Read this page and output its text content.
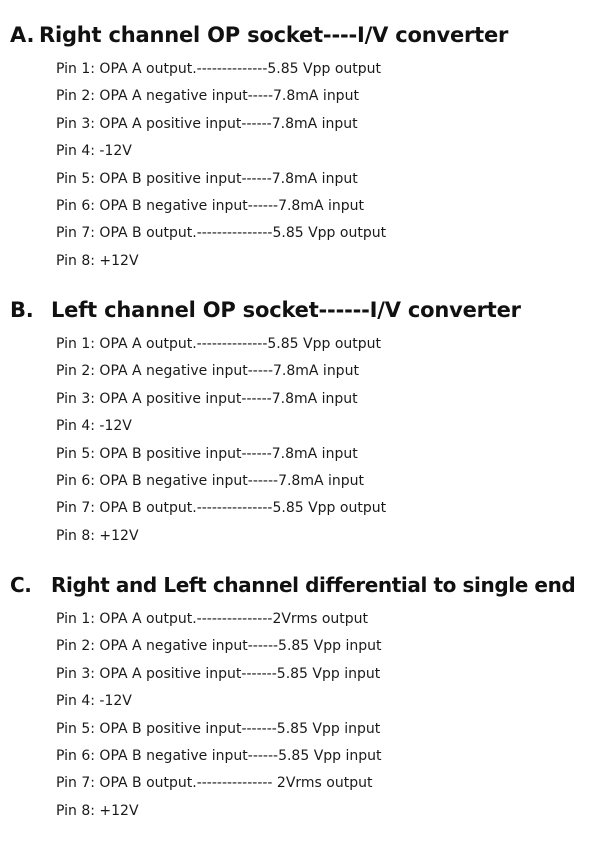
A. Right channel OP socket----I/V converter
Pin 1: OPA A output.--------------5.85 Vpp output
Pin 2: OPA A negative input-----7.8mA input
Pin 3: OPA A positive input------7.8mA input
Pin 4: -12V
Pin 5: OPA B positive input------7.8mA input
Pin 6: OPA B negative input------7.8mA input
Pin 7: OPA B output.---------------5.85 Vpp output
Pin 8: +12V
B. Left channel OP socket------I/V converter
Pin 1: OPA A output.--------------5.85 Vpp output
Pin 2: OPA A negative input-----7.8mA input
Pin 3: OPA A positive input------7.8mA input
Pin 4: -12V
Pin 5: OPA B positive input------7.8mA input
Pin 6: OPA B negative input------7.8mA input
Pin 7: OPA B output.---------------5.85 Vpp output
Pin 8: +12V
C. Right and Left channel differential to single end
Pin 1: OPA A output.---------------2Vrms output
Pin 2: OPA A negative input------5.85 Vpp input
Pin 3: OPA A positive input-------5.85 Vpp input
Pin 4: -12V
Pin 5: OPA B positive input-------5.85 Vpp input
Pin 6: OPA B negative input------5.85 Vpp input
Pin 7: OPA B output.--------------- 2Vrms output
Pin 8: +12V
